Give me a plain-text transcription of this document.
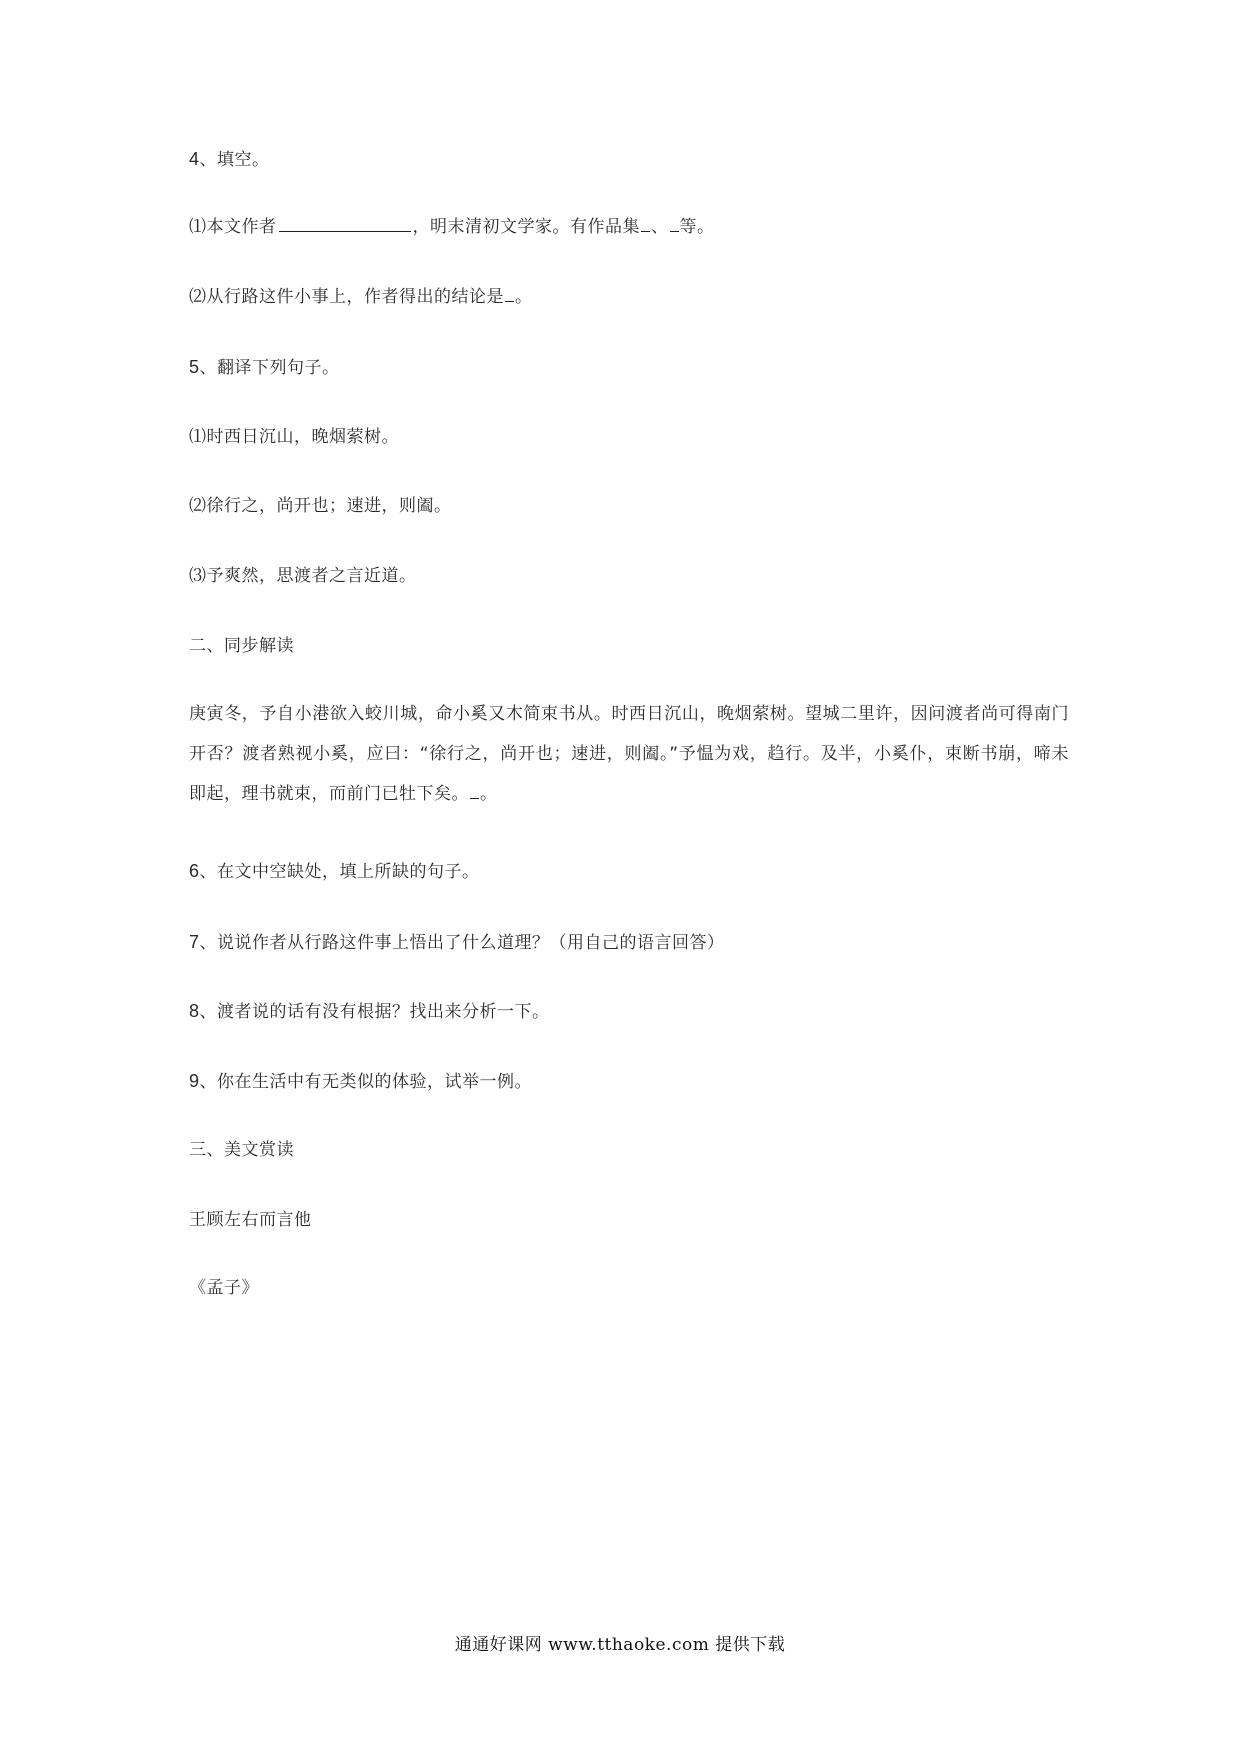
4、填空。
⑴本文作者	，明末清初文学家。有作品集 、 等。
⑵从行路这件小事上，作者得出的结论是 。
5、翻译下列句子。
⑴时西日沉山，晚烟萦树。
⑵徐行之，尚开也；速进，则阖。
⑶予爽然，思渡者之言近道。
二、同步解读
庚寅冬，予自小港欲入蛟川城，命小奚又木简束书从。时西日沉山，晚烟萦树。望城二里许，因问渡者尚可得南门开否？渡者熟视小奚，应曰：“徐行之，尚开也；速进，则阖。”予愠为戏，趋行。及半，小奚仆，束断书崩，啼未即起，理书就束，而前门已牡下矣。 。
6、在文中空缺处，填上所缺的句子。
7、说说作者从行路这件事上悟出了什么道理？（用自己的语言回答）
8、渡者说的话有没有根据？找出来分析一下。
9、你在生活中有无类似的体验，试举一例。
三、美文赏读
王顾左右而言他
《孟子》
通通好课网 www.tthaoke.com 提供下载
